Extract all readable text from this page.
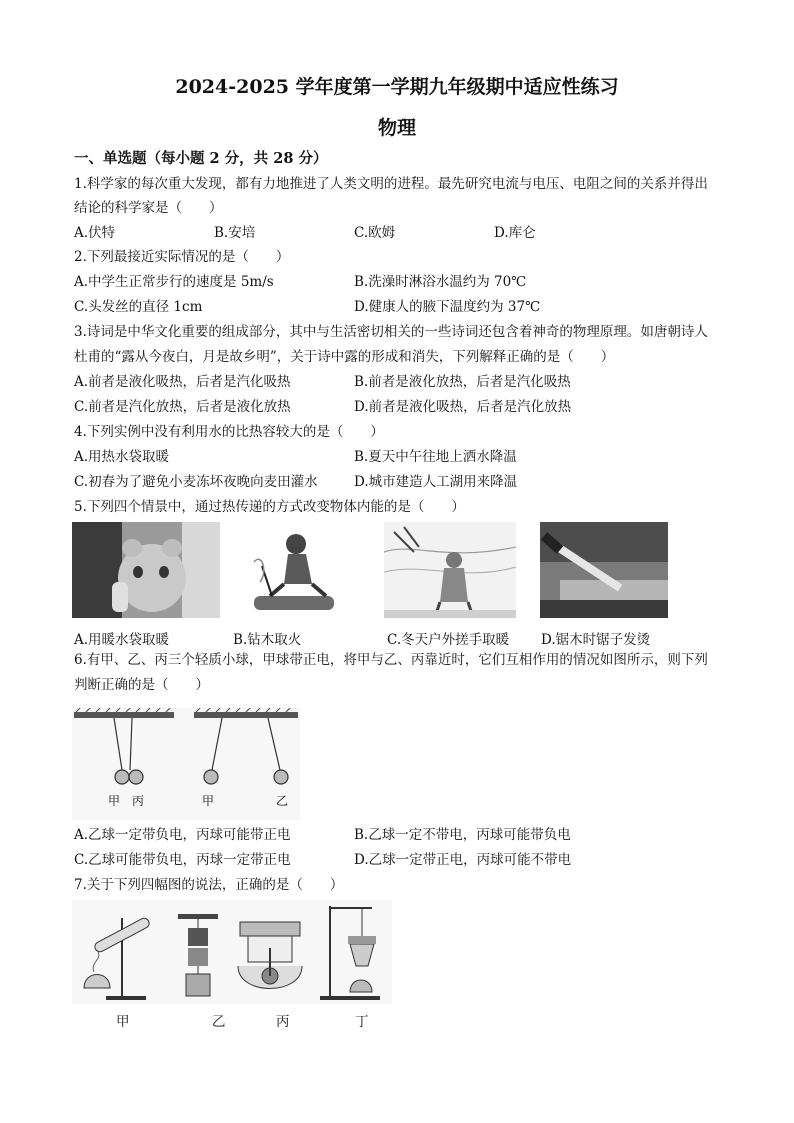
2024-2025 学年度第一学期九年级期中适应性练习
物理
一、单选题（每小题 2 分，共 28 分）
1.科学家的每次重大发现，都有力地推进了人类文明的进程。最先研究电流与电压、电阻之间的关系并得出
结论的科学家是（　　）
A.伏特	B.安培	C.欧姆	D.库仑
2.下列最接近实际情况的是（　　）
A.中学生正常步行的速度是 5m/s	B.洗澡时淋浴水温约为 70℃
C.头发丝的直径 1cm	D.健康人的腋下温度约为 37℃
3.诗词是中华文化重要的组成部分，其中与生活密切相关的一些诗词还包含着神奇的物理原理。如唐朝诗人
杜甫的“露从今夜白，月是故乡明”，关于诗中露的形成和消失，下列解释正确的是（　　）
A.前者是液化吸热，后者是汽化吸热	B.前者是液化放热，后者是汽化吸热
C.前者是汽化放热，后者是液化放热	D.前者是液化吸热，后者是汽化放热
4.下列实例中没有利用水的比热容较大的是（　　）
A.用热水袋取暖	B.夏天中午往地上洒水降温
C.初春为了避免小麦冻坏夜晚向麦田灌水	D.城市建造人工湖用来降温
5.下列四个情景中，通过热传递的方式改变物体内能的是（　　）
A.用暖水袋取暖	B.钻木取火	C.冬天户外搓手取暖 D.锯木时锯子发烫
6.有甲、乙、丙三个轻质小球，甲球带正电，将甲与乙、丙靠近时，它们互相作用的情况如图所示，则下列
判断正确的是（　　）
甲 丙	甲	乙
A.乙球一定带负电，丙球可能带正电	B.乙球一定不带电，丙球可能带负电
C.乙球可能带负电，丙球一定带正电	D.乙球一定带正电，丙球可能不带电
7.关于下列四幅图的说法，正确的是（　　）
甲	乙	丙	丁
